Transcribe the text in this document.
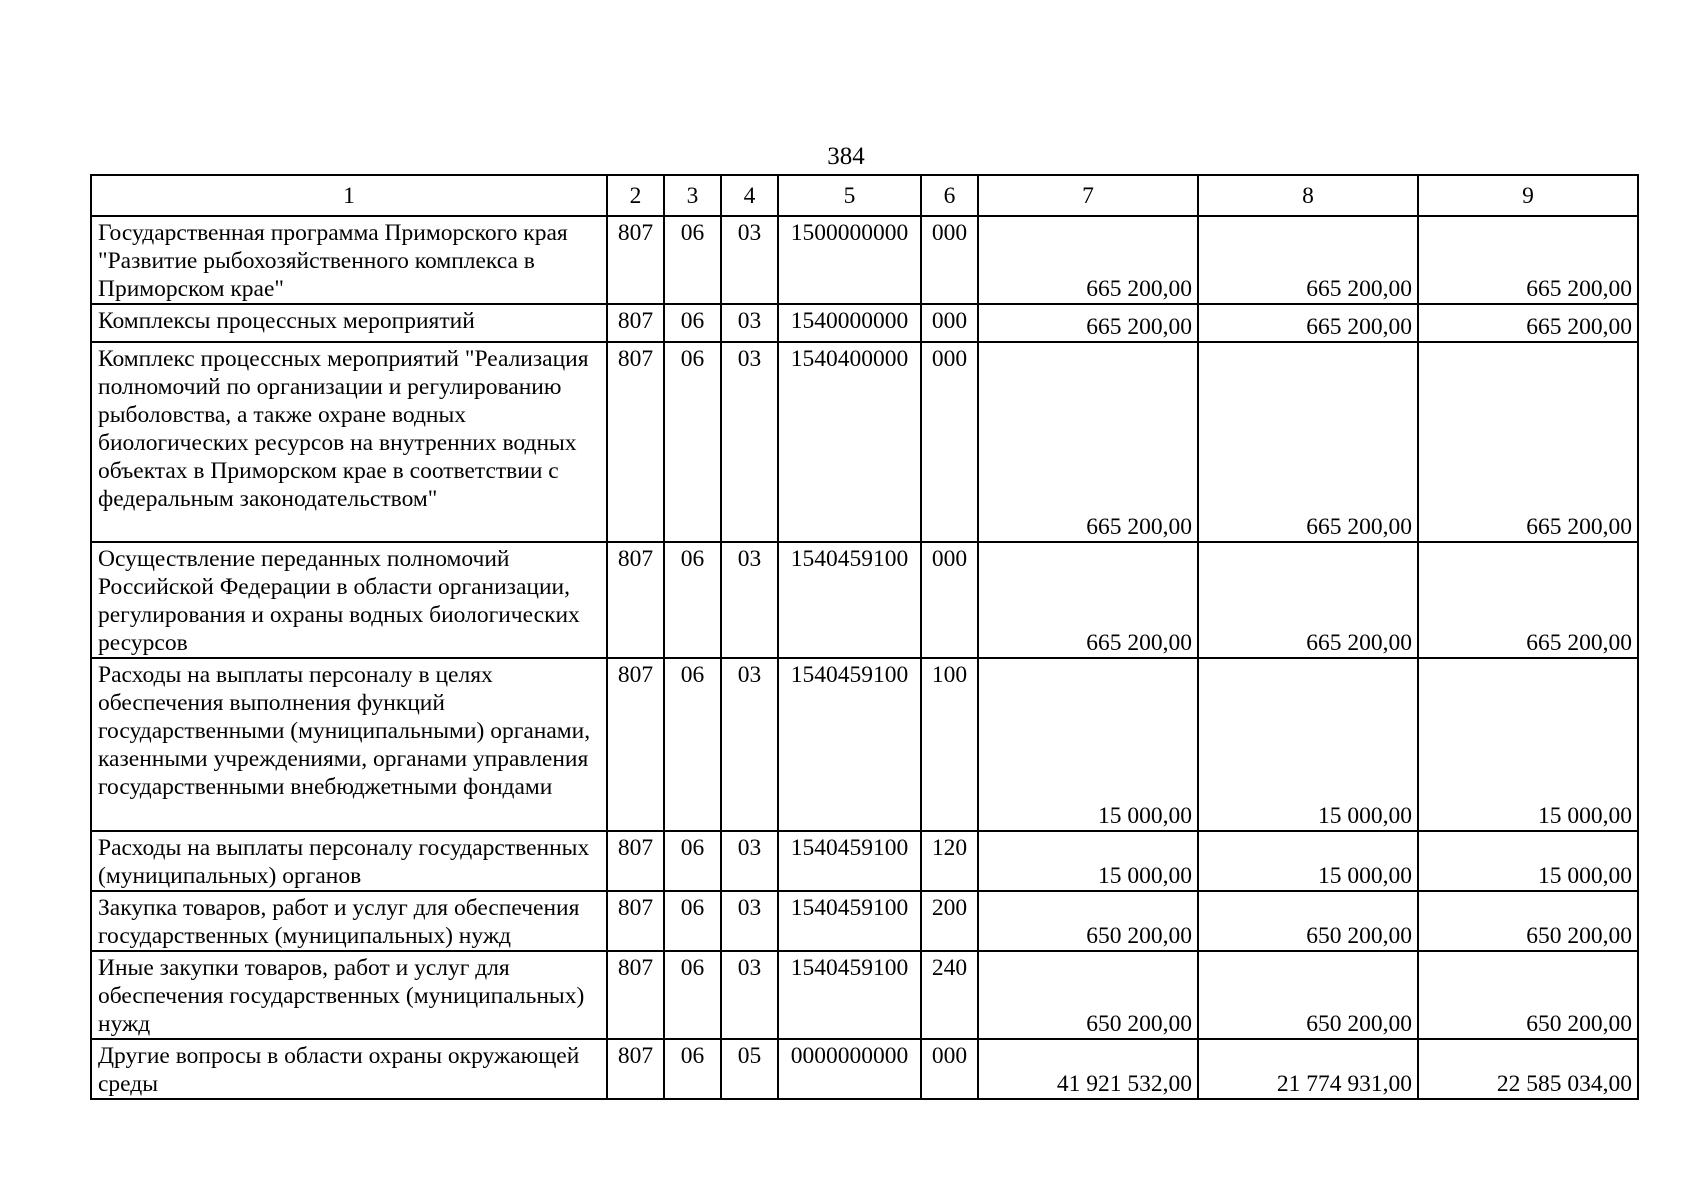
384
1	2	3	4	5	6	7	8	9
Государственная программа Приморского края "Развитие рыбохозяйственного комплекса в Приморском крае"	807	06	03	1500000000	000	665 200,00	665 200,00	665 200,00
Комплексы процессных мероприятий	807	06	03	1540000000	000	665 200,00	665 200,00	665 200,00
Комплекс процессных мероприятий "Реализация полномочий по организации и регулированию рыболовства, а также охране водных биологических ресурсов на внутренних водных объектах в Приморском крае в соответствии с федеральным законодательством"	807	06	03	1540400000	000	665 200,00	665 200,00	665 200,00
Осуществление переданных полномочий Российской Федерации в области организации, регулирования и охраны водных биологических ресурсов	807	06	03	1540459100	000	665 200,00	665 200,00	665 200,00
Расходы на выплаты персоналу в целях обеспечения выполнения функций государственными (муниципальными) органами, казенными учреждениями, органами управления государственными внебюджетными фондами	807	06	03	1540459100	100	15 000,00	15 000,00	15 000,00
Расходы на выплаты персоналу государственных (муниципальных) органов	807	06	03	1540459100	120	15 000,00	15 000,00	15 000,00
Закупка товаров, работ и услуг для обеспечения государственных (муниципальных) нужд	807	06	03	1540459100	200	650 200,00	650 200,00	650 200,00
Иные закупки товаров, работ и услуг для обеспечения государственных (муниципальных) нужд	807	06	03	1540459100	240	650 200,00	650 200,00	650 200,00
Другие вопросы в области охраны окружающей среды	807	06	05	0000000000	000	41 921 532,00	21 774 931,00	22 585 034,00
